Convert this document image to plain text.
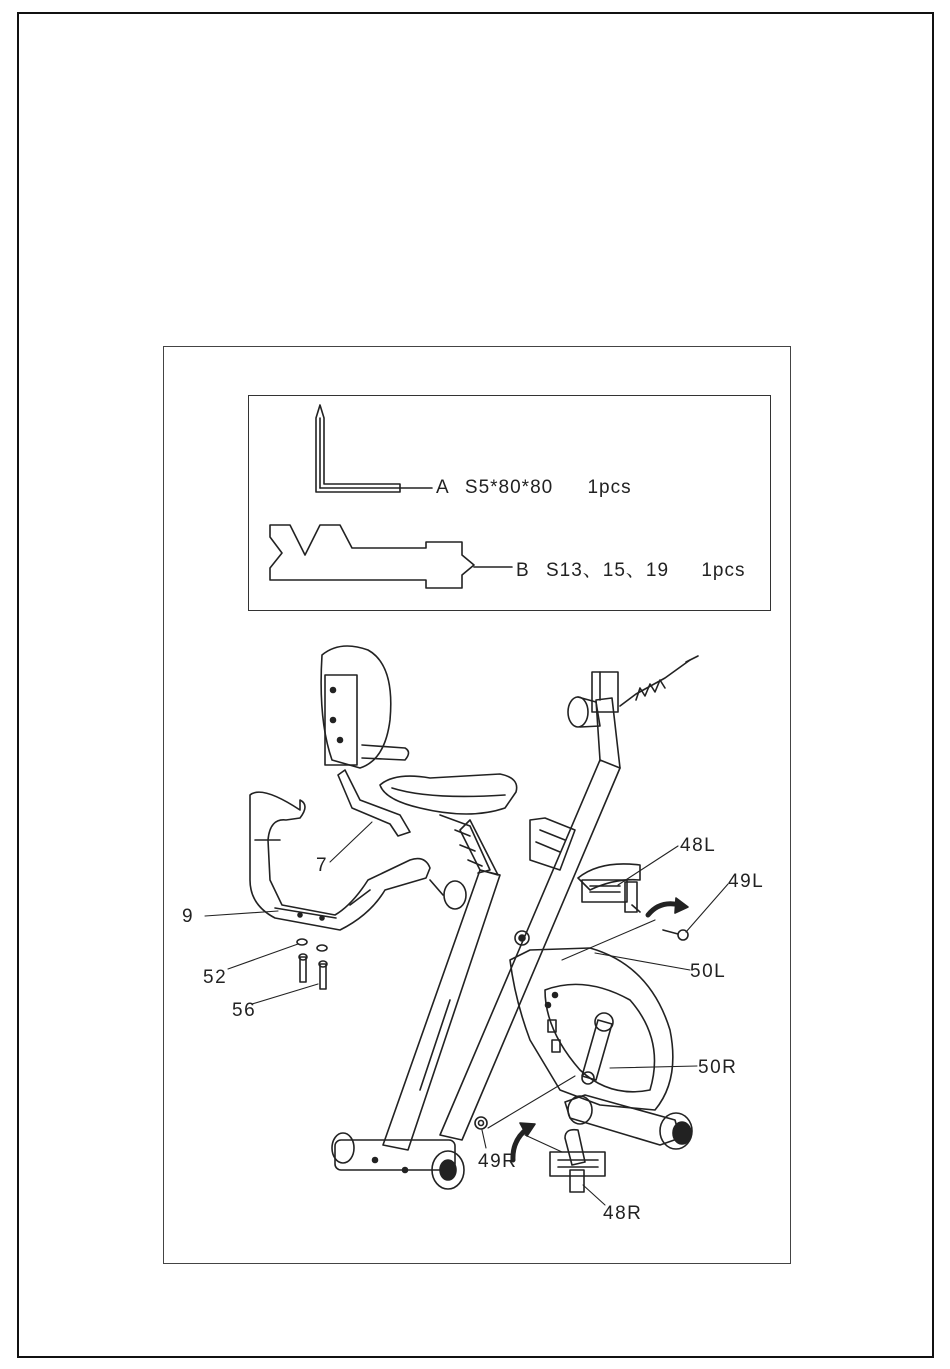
A S5*80*80 1pcs
B S13、15、19 1pcs
7
9
48L
49L
50L
50R
52
56
49R
48R
